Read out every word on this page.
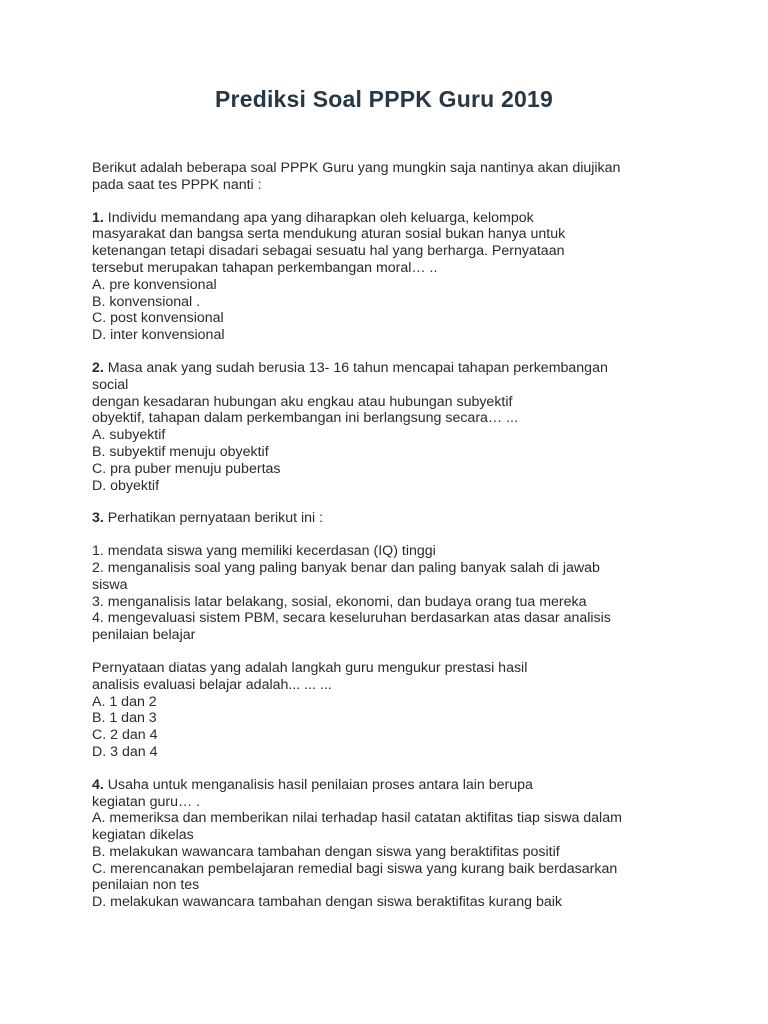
Prediksi Soal PPPK Guru 2019
Berikut adalah beberapa soal PPPK Guru yang mungkin saja nantinya akan diujikan
pada saat tes PPPK nanti :
1. Individu memandang apa yang diharapkan oleh keluarga, kelompok
masyarakat dan bangsa serta mendukung aturan sosial bukan hanya untuk
ketenangan tetapi disadari sebagai sesuatu hal yang berharga. Pernyataan
tersebut merupakan tahapan perkembangan moral… ..
A. pre konvensional
B. konvensional .
C. post konvensional
D. inter konvensional
2. Masa anak yang sudah berusia 13- 16 tahun mencapai tahapan perkembangan
social
dengan kesadaran hubungan aku engkau atau hubungan subyektif
obyektif, tahapan dalam perkembangan ini berlangsung secara… ...
A. subyektif
B. subyektif menuju obyektif
C. pra puber menuju pubertas
D. obyektif
3. Perhatikan pernyataan berikut ini :
1. mendata siswa yang memiliki kecerdasan (IQ) tinggi
2. menganalisis soal yang paling banyak benar dan paling banyak salah di jawab
siswa
3. menganalisis latar belakang, sosial, ekonomi, dan budaya orang tua mereka
4. mengevaluasi sistem PBM, secara keseluruhan berdasarkan atas dasar analisis
penilaian belajar
Pernyataan diatas yang adalah langkah guru mengukur prestasi hasil
analisis evaluasi belajar adalah... ... ...
A. 1 dan 2
B. 1 dan 3
C. 2 dan 4
D. 3 dan 4
4. Usaha untuk menganalisis hasil penilaian proses antara lain berupa
kegiatan guru… .
A. memeriksa dan memberikan nilai terhadap hasil catatan aktifitas tiap siswa dalam
kegiatan dikelas
B. melakukan wawancara tambahan dengan siswa yang beraktifitas positif
C. merencanakan pembelajaran remedial bagi siswa yang kurang baik berdasarkan
penilaian non tes
D. melakukan wawancara tambahan dengan siswa beraktifitas kurang baik
